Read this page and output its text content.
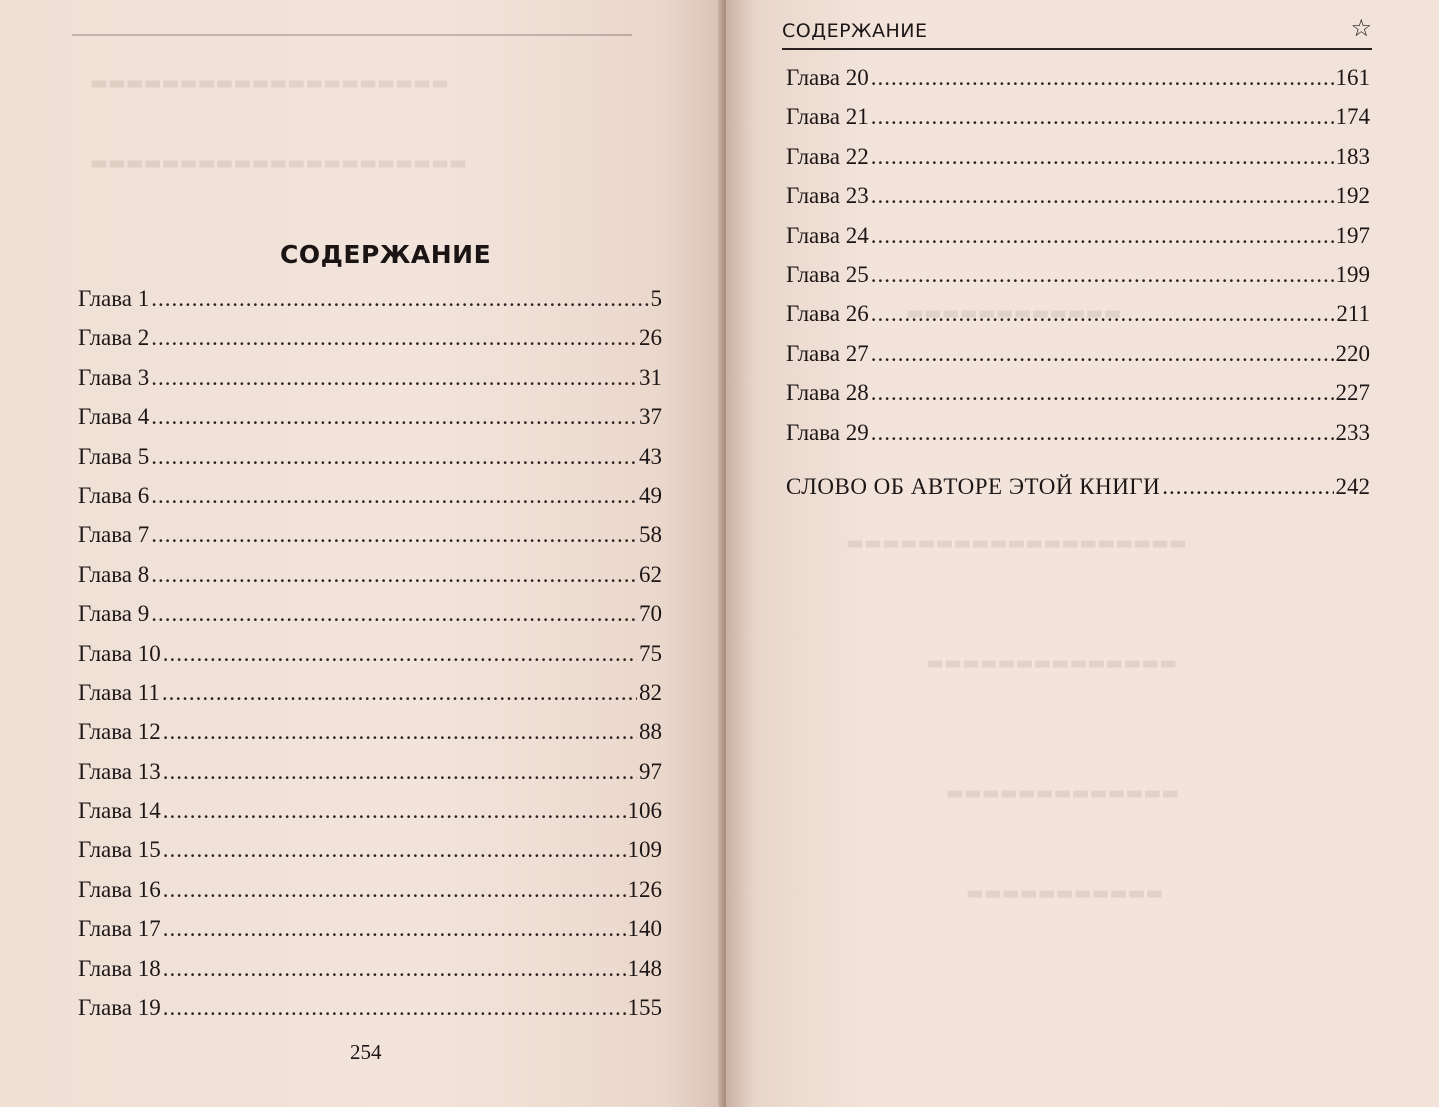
▬▬▬▬▬▬▬▬▬▬▬▬▬▬▬▬▬▬▬▬
▬▬▬▬▬▬▬▬▬▬▬▬▬▬▬▬▬▬▬▬▬
СОДЕРЖАНИЕ
Глава 1 .....	5
Глава 2 .....	26
Глава 3 .....	31
Глава 4 .....	37
Глава 5 .....	43
Глава 6 .....	49
Глава 7 .....	58
Глава 8 .....	62
Глава 9 .....	70
Глава 10 .....	75
Глава 11 .....	82
Глава 12 .....	88
Глава 13 .....	97
Глава 14 .....	106
Глава 15 .....	109
Глава 16 .....	126
Глава 17 .....	140
Глава 18 .....	148
Глава 19 .....	155
254
СОДЕРЖАНИЕ	☆
▬▬▬▬▬▬▬▬▬▬▬▬
▬▬▬▬▬▬▬▬▬▬▬▬▬▬▬▬▬▬▬
▬▬▬▬▬▬▬▬▬▬▬▬▬▬
▬▬▬▬▬▬▬▬▬▬▬▬▬
▬▬▬▬▬▬▬▬▬▬▬
Глава 20 .....	161
Глава 21 .....	174
Глава 22 .....	183
Глава 23 .....	192
Глава 24 .....	197
Глава 25 .....	199
Глава 26 .....	211
Глава 27 .....	220
Глава 28 .....	227
Глава 29 .....	233
СЛОВО ОБ АВТОРЕ ЭТОЙ КНИГИ .....	242
